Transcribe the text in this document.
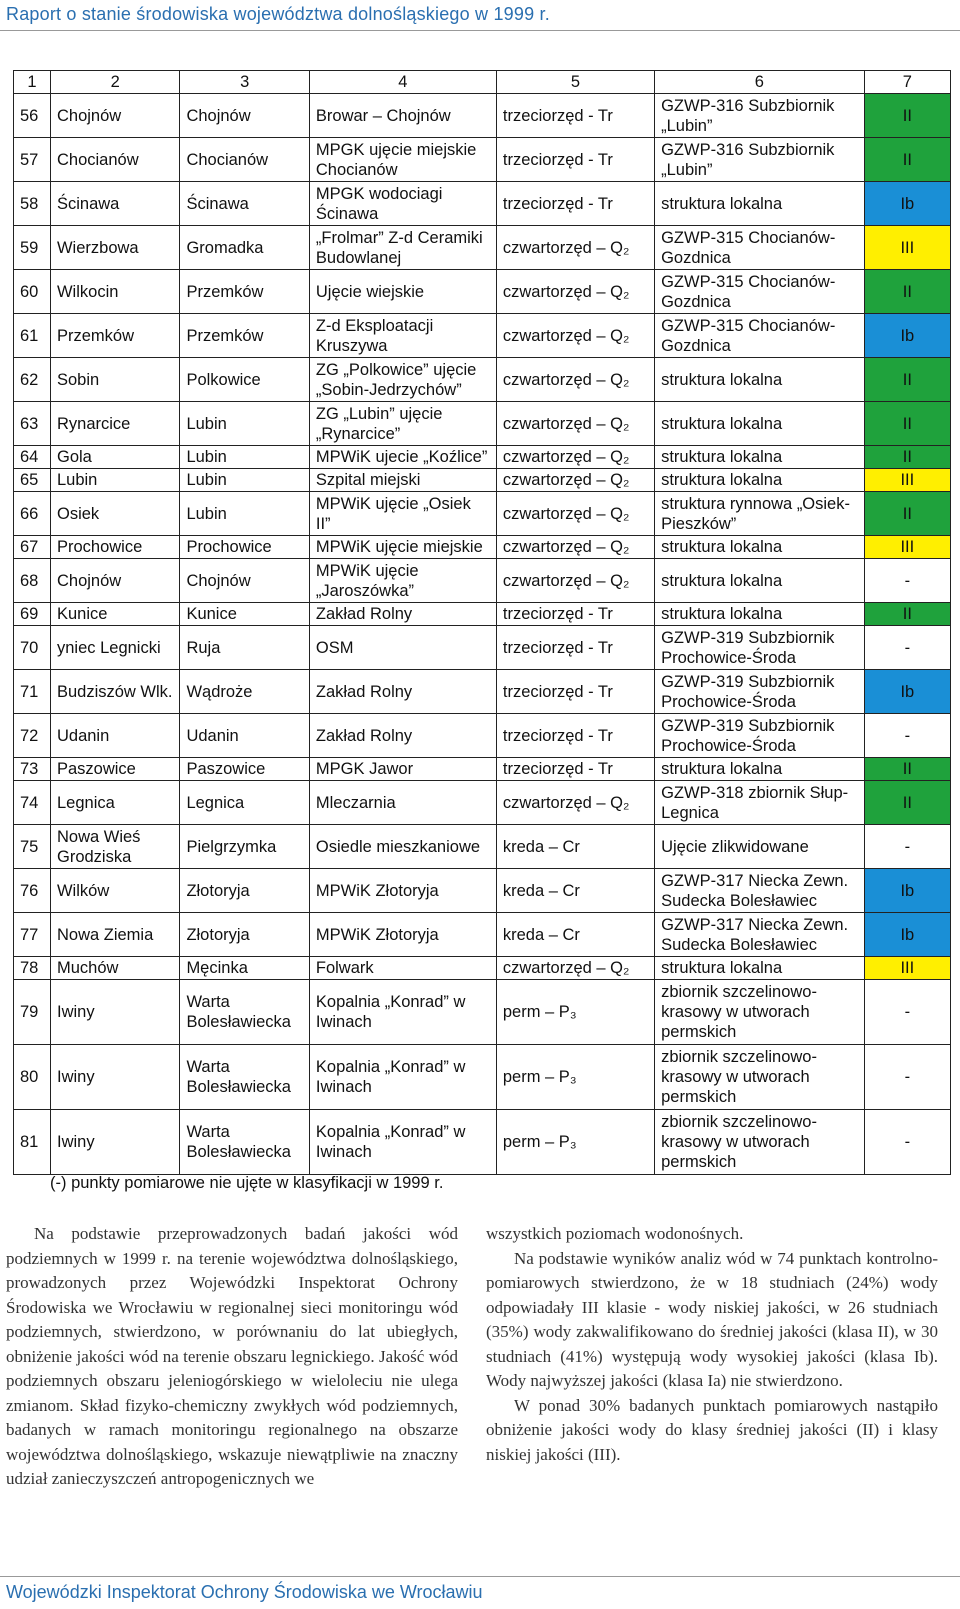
Raport o stanie środowiska województwa dolnośląskiego w 1999 r.
1	2	3	4	5	6	7
56	Chojnów	Chojnów	Browar – Chojnów	trzeciorzęd - Tr	GZWP-316 Subzbiornik „Lubin”	II
57	Chocianów	Chocianów	MPGK ujęcie miejskie Chocianów	trzeciorzęd - Tr	GZWP-316 Subzbiornik „Lubin”	II
58	Ścinawa	Ścinawa	MPGK wodociagi Ścinawa	trzeciorzęd - Tr	struktura lokalna	Ib
59	Wierzbowa	Gromadka	„Frolmar” Z-d Ceramiki Budowlanej	czwartorzęd – Q₂	GZWP-315 Chocianów-Gozdnica	III
60	Wilkocin	Przemków	Ujęcie wiejskie	czwartorzęd – Q₂	GZWP-315 Chocianów-Gozdnica	II
61	Przemków	Przemków	Z-d Eksploatacji Kruszywa	czwartorzęd – Q₂	GZWP-315 Chocianów-Gozdnica	Ib
62	Sobin	Polkowice	ZG „Polkowice” ujęcie „Sobin-Jedrzychów”	czwartorzęd – Q₂	struktura lokalna	II
63	Rynarcice	Lubin	ZG „Lubin” ujęcie „Rynarcice”	czwartorzęd – Q₂	struktura lokalna	II
64	Gola	Lubin	MPWiK ujecie „Koźlice”	czwartorzęd – Q₂	struktura lokalna	II
65	Lubin	Lubin	Szpital miejski	czwartorzęd – Q₂	struktura lokalna	III
66	Osiek	Lubin	MPWiK ujęcie „Osiek II”	czwartorzęd – Q₂	struktura rynnowa „Osiek-Pieszków”	II
67	Prochowice	Prochowice	MPWiK ujęcie miejskie	czwartorzęd – Q₂	struktura lokalna	III
68	Chojnów	Chojnów	MPWiK ujęcie „Jaroszówka”	czwartorzęd – Q₂	struktura lokalna	-
69	Kunice	Kunice	Zakład Rolny	trzeciorzęd - Tr	struktura lokalna	II
70	yniec Legnicki	Ruja	OSM	trzeciorzęd - Tr	GZWP-319 Subzbiornik Prochowice-Środa	-
71	Budziszów Wlk.	Wądroże	Zakład Rolny	trzeciorzęd - Tr	GZWP-319 Subzbiornik Prochowice-Środa	Ib
72	Udanin	Udanin	Zakład Rolny	trzeciorzęd - Tr	GZWP-319 Subzbiornik Prochowice-Środa	-
73	Paszowice	Paszowice	MPGK Jawor	trzeciorzęd - Tr	struktura lokalna	II
74	Legnica	Legnica	Mleczarnia	czwartorzęd – Q₂	GZWP-318 zbiornik Słup-Legnica	II
75	Nowa Wieś Grodziska	Pielgrzymka	Osiedle mieszkaniowe	kreda – Cr	Ujęcie zlikwidowane	-
76	Wilków	Złotoryja	MPWiK Złotoryja	kreda – Cr	GZWP-317 Niecka Zewn. Sudecka Bolesławiec	Ib
77	Nowa Ziemia	Złotoryja	MPWiK Złotoryja	kreda – Cr	GZWP-317 Niecka Zewn. Sudecka Bolesławiec	Ib
78	Muchów	Męcinka	Folwark	czwartorzęd – Q₂	struktura lokalna	III
79	Iwiny	Warta Bolesławiecka	Kopalnia „Konrad” w Iwinach	perm – P₃	zbiornik szczelinowo-krasowy w utworach permskich	-
80	Iwiny	Warta Bolesławiecka	Kopalnia „Konrad” w Iwinach	perm – P₃	zbiornik szczelinowo-krasowy w utworach permskich	-
81	Iwiny	Warta Bolesławiecka	Kopalnia „Konrad” w Iwinach	perm – P₃	zbiornik szczelinowo-krasowy w utworach permskich	-
(-) punkty pomiarowe nie ujęte w klasyfikacji w 1999 r.

Na podstawie przeprowadzonych badań jakości wód podziemnych w 1999 r. na terenie województwa dolnośląskiego, prowadzonych przez Wojewódzki Inspektorat Ochrony Środowiska we Wrocławiu w regionalnej sieci monitoringu wód podziemnych, stwierdzono, w porównaniu do lat ubiegłych, obniżenie jakości wód na terenie obszaru legnickiego. Jakość wód podziemnych obszaru jeleniogórskiego w wieloleciu nie ulega zmianom. Skład fizyko-chemiczny zwykłych wód podziemnych, badanych w ramach monitoringu regionalnego na obszarze województwa dolnośląskiego, wskazuje niewątpliwie na znaczny udział zanieczyszczeń antropogenicznych we

wszystkich poziomach wodonośnych.

Na podstawie wyników analiz wód w 74 punktach kontrolno-pomiarowych stwierdzono, że w 18 studniach (24%) wody odpowiadały III klasie - wody niskiej jakości, w 26 studniach (35%) wody zakwalifikowano do średniej jakości (klasa II), w 30 studniach (41%) występują wody wysokiej jakości (klasa Ib). Wody najwyższej jakości (klasa Ia) nie stwierdzono.

W ponad 30% badanych punktach pomiarowych nastąpiło obniżenie jakości wody do klasy średniej jakości (II) i klasy niskiej jakości (III).

Wojewódzki Inspektorat Ochrony Środowiska we Wrocławiu
